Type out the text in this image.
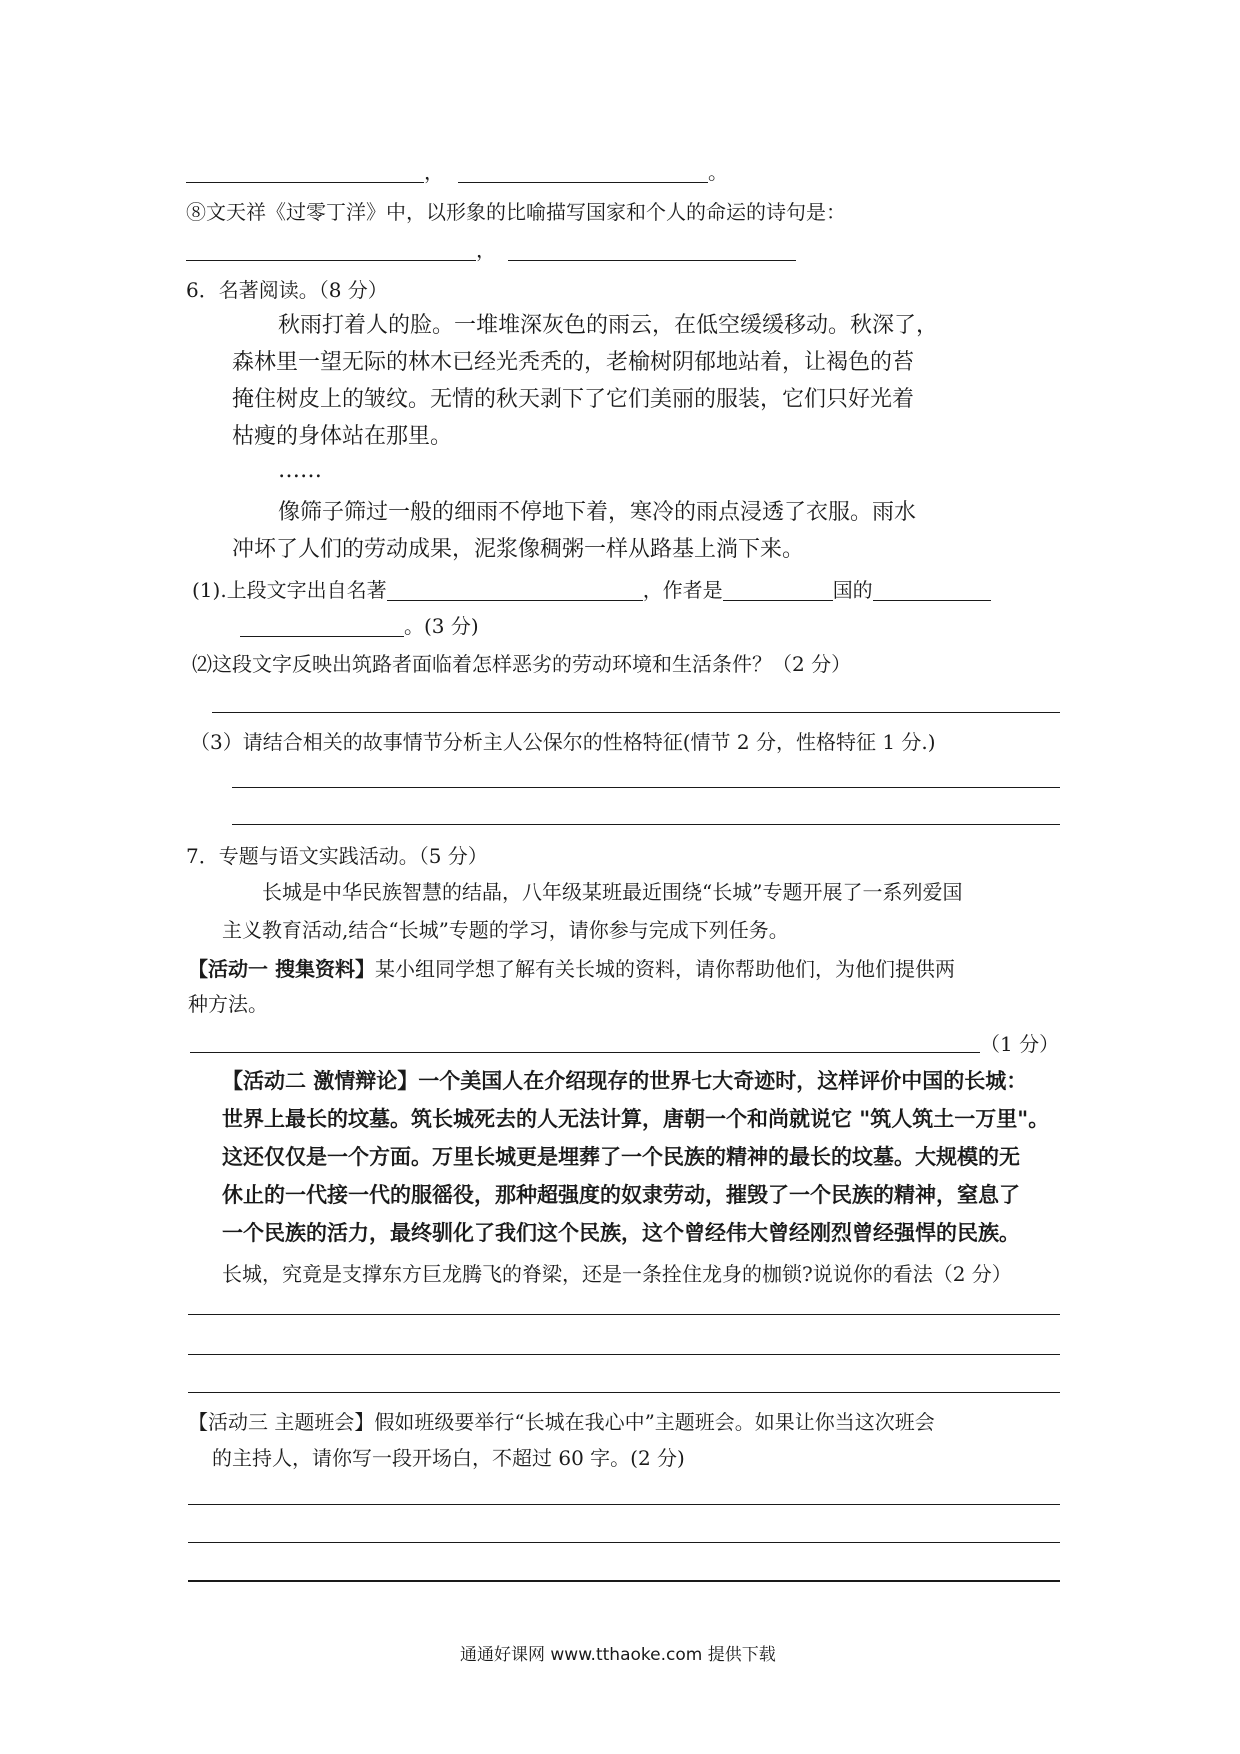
，	。
⑧文天祥《过零丁洋》中，以形象的比喻描写国家和个人的命运的诗句是：
，
6．名著阅读。（8 分）
秋雨打着人的脸。一堆堆深灰色的雨云，在低空缓缓移动。秋深了，
森林里一望无际的林木已经光秃秃的，老榆树阴郁地站着，让褐色的苔
掩住树皮上的皱纹。无情的秋天剥下了它们美丽的服装，它们只好光着
枯瘦的身体站在那里。
……
像筛子筛过一般的细雨不停地下着，寒冷的雨点浸透了衣服。雨水
冲坏了人们的劳动成果，泥浆像稠粥一样从路基上淌下来。
(1).上段文字出自名著	，作者是	国的
。(3 分)
⑵这段文字反映出筑路者面临着怎样恶劣的劳动环境和生活条件？（2 分）
（3）请结合相关的故事情节分析主人公保尔的性格特征(情节 2 分，性格特征 1 分.)
7．专题与语文实践活动。（5 分）
长城是中华民族智慧的结晶，八年级某班最近围绕“长城”专题开展了一系列爱国
主义教育活动,结合“长城”专题的学习，请你参与完成下列任务。
【活动一 搜集资料】某小组同学想了解有关长城的资料，请你帮助他们，为他们提供两
种方法。
（1 分）
【活动二 激情辩论】一个美国人在介绍现存的世界七大奇迹时，这样评价中国的长城：
世界上最长的坟墓。筑长城死去的人无法计算，唐朝一个和尚就说它 "筑人筑土一万里"。
这还仅仅是一个方面。万里长城更是埋葬了一个民族的精神的最长的坟墓。大规模的无
休止的一代接一代的服徭役，那种超强度的奴隶劳动，摧毁了一个民族的精神，窒息了
一个民族的活力，最终驯化了我们这个民族，这个曾经伟大曾经刚烈曾经强悍的民族。
长城，究竟是支撑东方巨龙腾飞的脊梁，还是一条拴住龙身的枷锁?说说你的看法（2 分）
【活动三 主题班会】假如班级要举行“长城在我心中”主题班会。如果让你当这次班会
的主持人，请你写一段开场白，不超过 60 字。(2 分)
通通好课网 www.tthaoke.com 提供下载
